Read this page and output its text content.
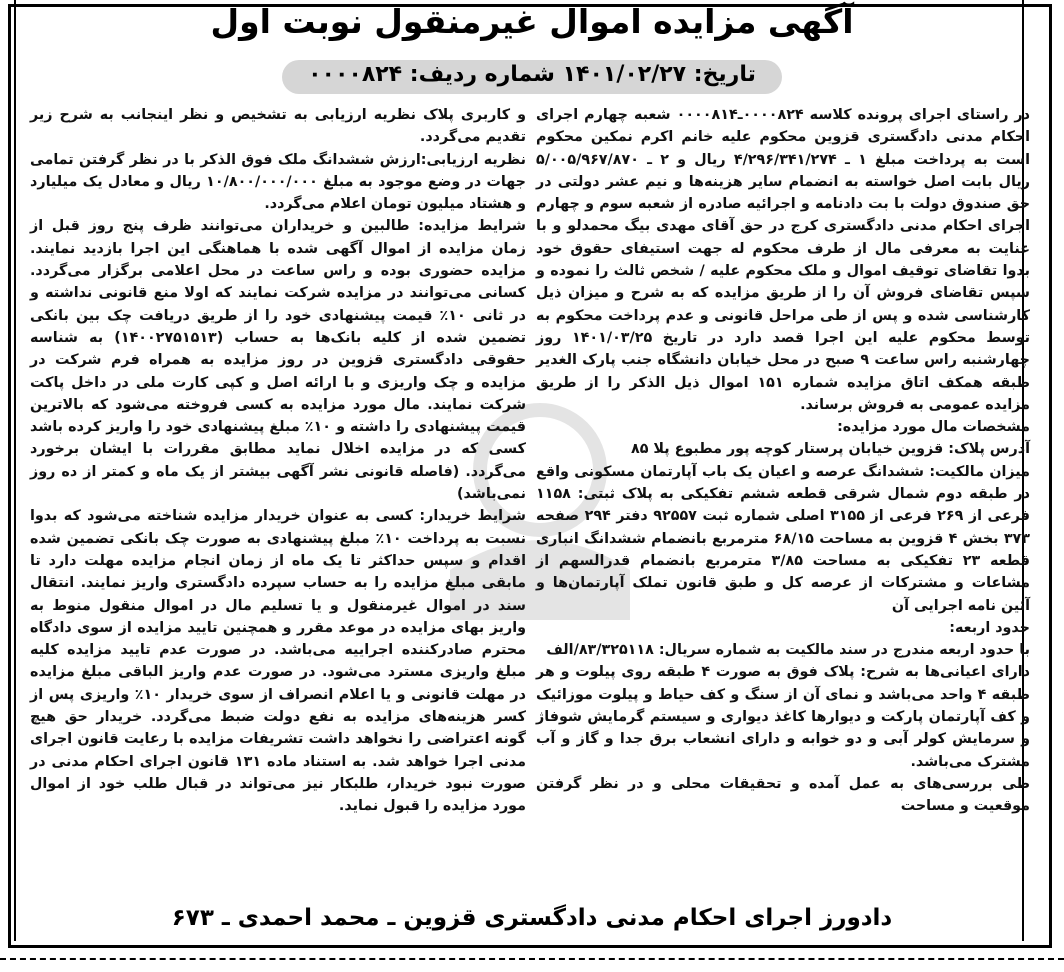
آگهی مزایده اموال غیرمنقول نوبت اول
تاریخ: ۱۴۰۱/۰۲/۲۷ شماره ردیف: ۰۰۰۰۸۲۴

در راستای اجرای پرونده کلاسه ۰۰۰۰۸۲۴ـ۰۰۰۰۸۱۴ شعبه چهارم اجرای احکام مدنی دادگستری قزوین محکوم علیه خانم اکرم نمکین محکوم است به پرداخت مبلغ ۱ ـ ۴/۲۹۶/۳۴۱/۲۷۴ ریال و ۲ ـ ۵/۰۰۵/۹۶۷/۸۷۰ ریال بابت اصل خواسته به انضمام سایر هزینه‌ها و نیم عشر دولتی در حق صندوق دولت با بت دادنامه و اجرائیه صادره از شعبه سوم و چهارم اجرای احکام مدنی دادگستری کرج در حق آقای مهدی بیگ محمدلو و با عنایت به معرفی مال از طرف محکوم له جهت استیفای حقوق خود بدوا تقاضای توقیف اموال و ملک محکوم علیه / شخص ثالث را نموده و سپس تقاضای فروش آن را از طریق مزایده که به شرح و میزان ذیل کارشناسی شده و پس از طی مراحل قانونی و عدم پرداخت محکوم به توسط محکوم علیه این اجرا قصد دارد در تاریخ ۱۴۰۱/۰۳/۲۵ روز چهارشنبه راس ساعت ۹ صبح در محل خیابان دانشگاه جنب پارک الغدیر طبقه همکف اتاق مزایده شماره ۱۵۱ اموال ذیل الذکر را از طریق مزایده عمومی به فروش برساند.

مشخصات مال مورد مزایده:

آدرس پلاک: قزوین خیابان پرستار کوچه پور مطبوع پلا ۸۵

میزان مالکیت: ششدانگ عرصه و اعیان یک باب آپارتمان مسکونی واقع در طبقه دوم شمال شرقی قطعه ششم تفکیکی به پلاک ثبتی: ۱۱۵۸ فرعی از ۲۶۹ فرعی از ۳۱۵۵ اصلی شماره ثبت ۹۲۵۵۷ دفتر ۲۹۴ صفحه ۳۷۳ بخش ۴ قزوین به مساحت ۶۸/۱۵ مترمربع بانضمام ششدانگ انباری قطعه ۲۳ تفکیکی به مساحت ۳/۸۵ مترمربع بانضمام قدرالسهم از مشاعات و مشترکات از عرصه کل و طبق قانون تملک آپارتمان‌ها و آئین نامه اجرایی آن

حدود اربعه:

با حدود اربعه مندرج در سند مالکیت به شماره سریال: ۸۳/۳۲۵۱۱۸/الف

دارای اعیانی‌ها به شرح: پلاک فوق به صورت ۴ طبقه روی پیلوت و هر طبقه ۴ واحد می‌باشد و نمای آن از سنگ و کف حیاط و پیلوت موزائیک و کف آپارتمان پارکت و دیوارها کاغذ دیواری و سیستم گرمایش شوفاژ و سرمایش کولر آبی و دو خوابه و دارای انشعاب برق جدا و گاز و آب مشترک می‌باشد.

طی بررسی‌های به عمل آمده و تحقیقات محلی و در نظر گرفتن موقعیت و مساحت

و کاربری پلاک نظریه ارزیابی به تشخیص و نظر اینجانب به شرح زیر تقدیم می‌گردد.

نظریه ارزیابی:ارزش ششدانگ ملک فوق الذکر با در نظر گرفتن تمامی جهات در وضع موجود به مبلغ ۱۰/۸۰۰/۰۰۰/۰۰۰ ریال و معادل یک میلیارد و هشتاد میلیون تومان اعلام می‌گردد.

شرایط مزایده: طالبین و خریداران می‌توانند ظرف پنج روز قبل از زمان مزایده از اموال آگهی شده با هماهنگی این اجرا بازدید نمایند. مزایده حضوری بوده و راس ساعت در محل اعلامی برگزار می‌گردد. کسانی می‌توانند در مزایده شرکت نمایند که اولا منع قانونی نداشته و در ثانی ۱۰٪ قیمت پیشنهادی خود را از طریق دریافت چک بین بانکی تضمین شده از کلیه بانک‌ها به حساب (۱۴۰۰۲۷۵۱۵۱۳) به شناسه حقوقی دادگستری قزوین در روز مزایده به همراه فرم شرکت در مزایده و چک واریزی و با ارائه اصل و کپی کارت ملی در داخل پاکت شرکت نمایند. مال مورد مزایده به کسی فروخته می‌شود که بالاترین قیمت پیشنهادی را داشته و ۱۰٪ مبلغ پیشنهادی خود را واریز کرده باشد کسی که در مزایده اخلال نماید مطابق مقررات با ایشان برخورد می‌گردد. (فاصله قانونی نشر آگهی بیشتر از یک ماه و کمتر از ده روز نمی‌باشد)

شرایط خریدار: کسی به عنوان خریدار مزایده شناخته می‌شود که بدوا نسبت به پرداخت ۱۰٪ مبلغ پیشنهادی به صورت چک بانکی تضمین شده اقدام و سپس حداکثر تا یک ماه از زمان انجام مزایده مهلت دارد تا مابقی مبلغ مزایده را به حساب سپرده دادگستری واریز نمایند. انتقال سند در اموال غیرمنقول و یا تسلیم مال در اموال منقول منوط به واریز بهای مزایده در موعد مقرر و همچنین تایید مزایده از سوی دادگاه محترم صادرکننده اجراییه می‌باشد. در صورت عدم تایید مزایده کلیه مبلغ واریزی مسترد می‌شود. در صورت عدم واریز الباقی مبلغ مزایده در مهلت قانونی و یا اعلام انصراف از سوی خریدار ۱۰٪ واریزی پس از کسر هزینه‌های مزایده به نفع دولت ضبط می‌گردد. خریدار حق هیچ گونه اعتراضی را نخواهد داشت تشریفات مزایده با رعایت قانون اجرای مدنی اجرا خواهد شد. به استناد ماده ۱۳۱ قانون اجرای احکام مدنی در صورت نبود خریدار، طلبکار نیز می‌تواند در قبال طلب خود از اموال مورد مزایده را قبول نماید.

دادورز اجرای احکام مدنی دادگستری قزوین ـ محمد احمدی ـ ۶۷۳
